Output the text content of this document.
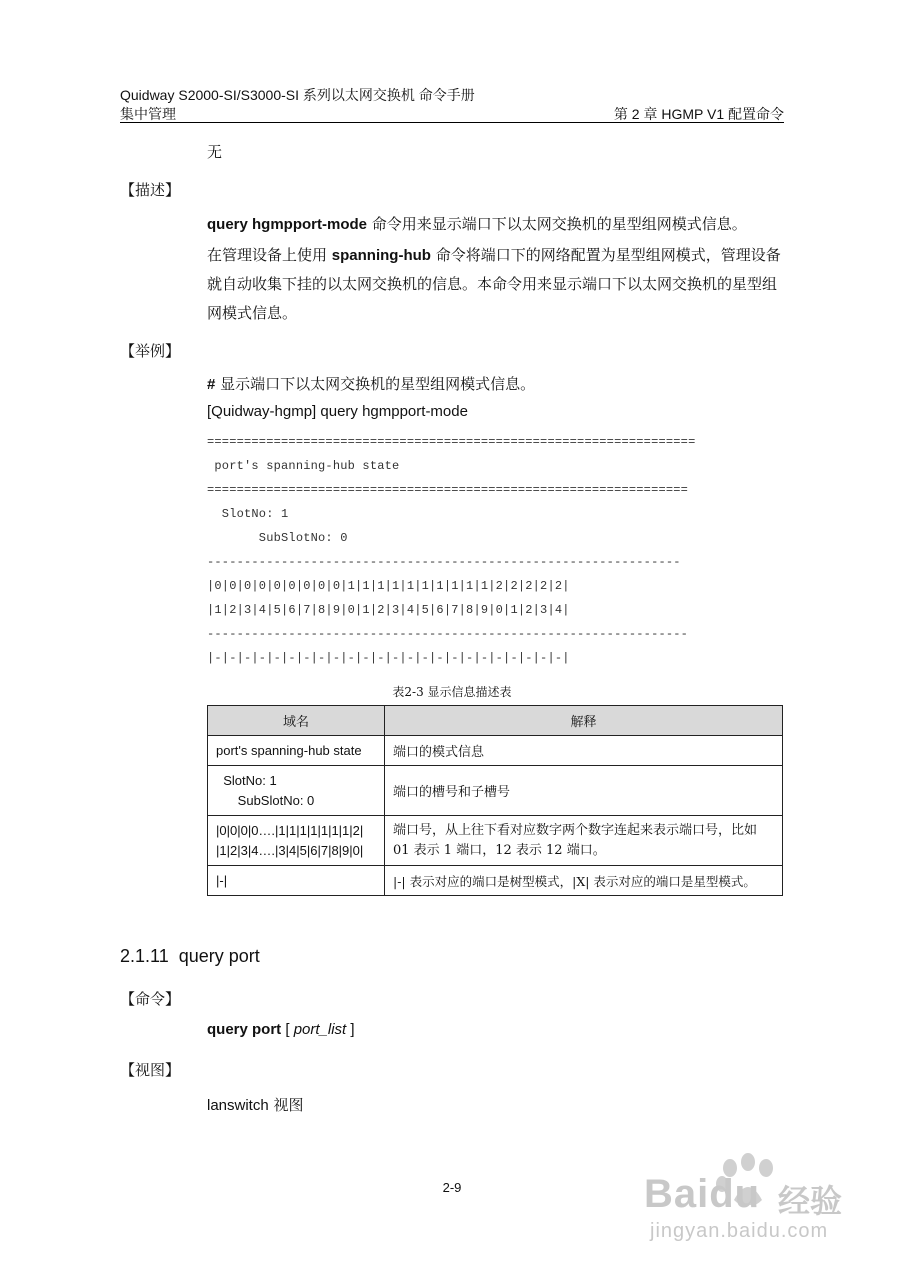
Quidway S2000-SI/S3000-SI 系列以太网交换机 命令手册
集中管理	第 2 章 HGMP V1 配置命令
无
【描述】
query hgmpport-mode 命令用来显示端口下以太网交换机的星型组网模式信息。
在管理设备上使用 spanning-hub 命令将端口下的网络配置为星型组网模式，管理设备就自动收集下挂的以太网交换机的信息。本命令用来显示端口下以太网交换机的星型组网模式信息。
【举例】
# 显示端口下以太网交换机的星型组网模式信息。
[Quidway-hgmp] query hgmpport-mode
==================================================================
port's spanning-hub state
=================================================================
SlotNo: 1
SubSlotNo: 0
----------------------------------------------------------------
|0|0|0|0|0|0|0|0|0|1|1|1|1|1|1|1|1|1|1|2|2|2|2|2|
|1|2|3|4|5|6|7|8|9|0|1|2|3|4|5|6|7|8|9|0|1|2|3|4|
-----------------------------------------------------------------
|-|-|-|-|-|-|-|-|-|-|-|-|-|-|-|-|-|-|-|-|-|-|-|-|
表2-3 显示信息描述表
域名	解释
port's spanning-hub state	端口的模式信息

SlotNo: 1
SubSlotNo: 0	端口的槽号和子槽号

|0|0|0|0….|1|1|1|1|1|1|1|2|
|1|2|3|4….|3|4|5|6|7|8|9|0|	端口号，从上往下看对应数字两个数字连起来表示端口号，比如
01 表示 1 端口，12 表示 12 端口。

|-|	|-| 表示对应的端口是树型模式，|X| 表示对应的端口是星型模式。
2.1.11  query port
【命令】
query port [ port_list ]
【视图】
lanswitch 视图
2-9	Baidu 经验
jingyan.baidu.com
